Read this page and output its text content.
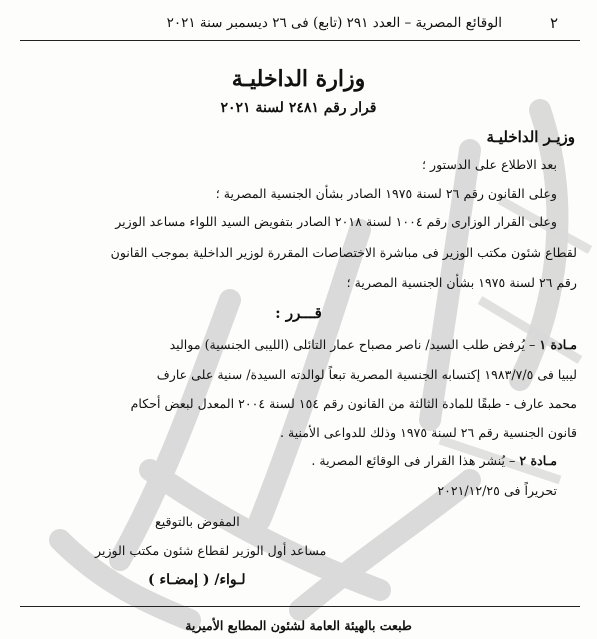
٢
الوقائع المصرية – العدد ٢٩١ (تابع) فى ٢٦ ديسمبر سنة ٢٠٢١
وزارة الداخليـة
قرار رقم ٢٤٨١ لسنة ٢٠٢١
وزيـر الداخليـة
بعد الاطلاع على الدستور ؛
وعلى القانون رقم ٢٦ لسنة ١٩٧٥ الصادر بشأن الجنسية المصرية ؛
وعلى القرار الوزارى رقم ١٠٠٤ لسنة ٢٠١٨ الصادر بتفويض السيد اللواء مساعد الوزير
لقطاع شئون مكتب الوزير فى مباشرة الاختصاصات المقررة لوزير الداخلية بموجب القانون
رقم ٢٦ لسنة ١٩٧٥ بشأن الجنسية المصرية ؛
قـــرر :
مـادة ١ – يُرفض طلب السيد/ ناصر مصباح عمار التائلى (الليبى الجنسية) مواليد
ليبيا فى ١٩٨٣/٧/٥ إكتسابه الجنسية المصرية تبعاً لوالدته السيدة/ سنية على عارف
محمد عارف - طبقًا للمادة الثالثة من القانون رقم ١٥٤ لسنة ٢٠٠٤ المعدل لبعض أحكام
قانون الجنسية رقم ٢٦ لسنة ١٩٧٥ وذلك للدواعى الأمنية .
مـادة ٢ – يُنشر هذا القرار فى الوقائع المصرية .
تحريراً فى ٢٠٢١/١٢/٢٥
المفوض بالتوقيع
مساعد أول الوزير لقطاع شئون مكتب الوزير
لـواء/ ( إمضـاء )
طبعت بالهيئة العامة لشئون المطابع الأميرية
